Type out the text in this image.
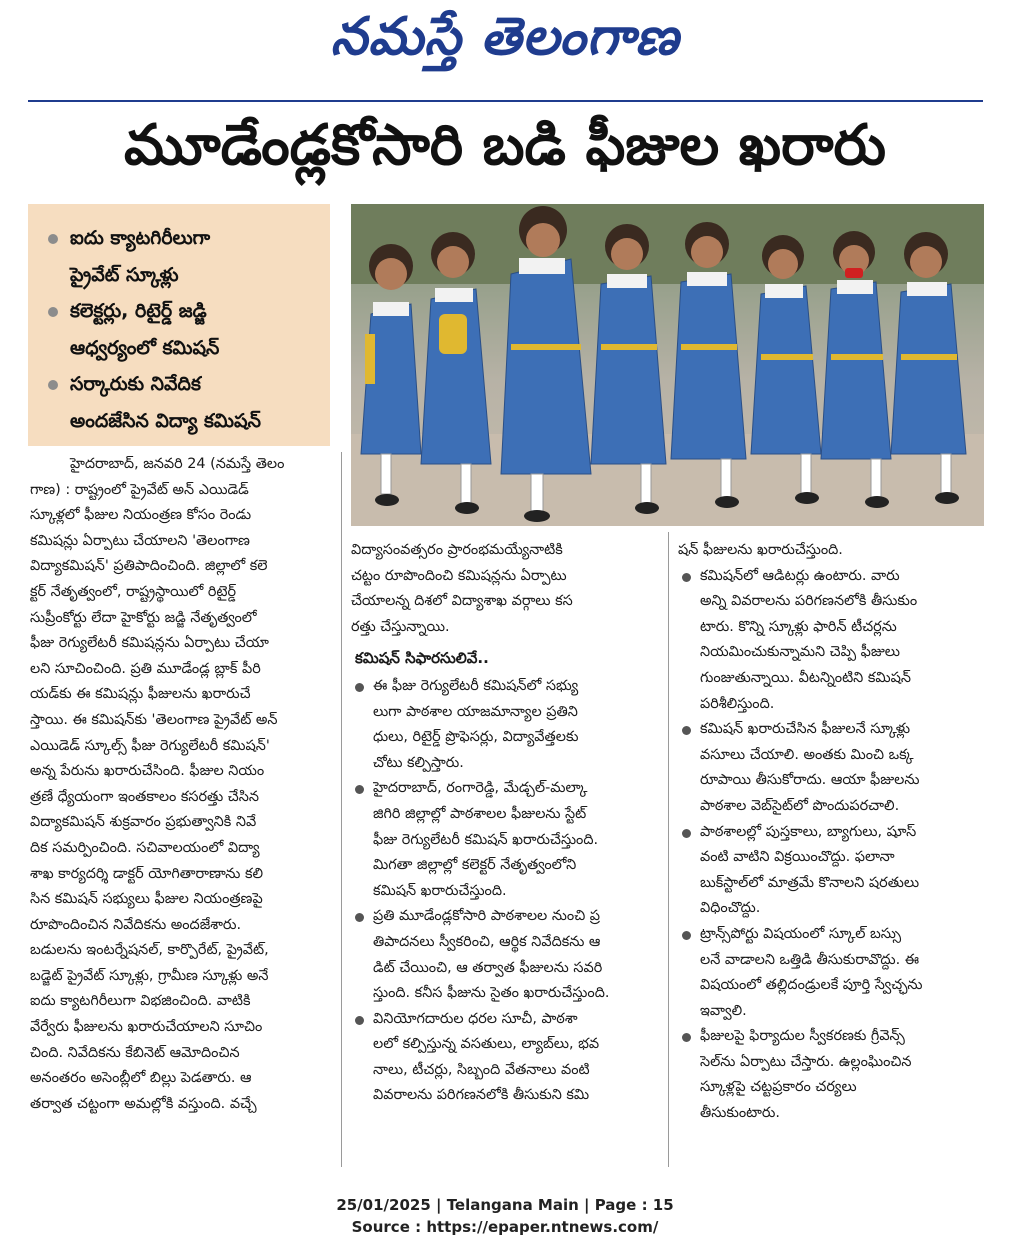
నమస్తే తెలంగాణ
మూడేండ్లకోసారి బడి ఫీజుల ఖరారు
ఐదు క్యాటగిరీలుగా
ప్రైవేట్ స్కూళ్లు
కలెక్టర్లు, రిటైర్డ్ జడ్జి
ఆధ్వర్యంలో కమిషన్
సర్కారుకు నివేదిక
అందజేసిన విద్యా కమిషన్
హైదరాబాద్, జనవరి 24 (నమస్తే తెలం
గాణ) : రాష్ట్రంలో ప్రైవేట్ అన్ ఎయిడెడ్
స్కూళ్లలో ఫీజుల నియంత్రణ కోసం రెండు
కమిషన్లు ఏర్పాటు చేయాలని 'తెలంగాణ
విద్యాకమిషన్' ప్రతిపాదించింది. జిల్లాలో కలె
క్టర్ నేతృత్వంలో, రాష్ట్రస్థాయిలో రిటైర్డ్
సుప్రీంకోర్టు లేదా హైకోర్టు జడ్జి నేతృత్వంలో
ఫీజు రెగ్యులేటరీ కమిషన్లను ఏర్పాటు చేయా
లని సూచించింది. ప్రతి మూడేండ్ల బ్లాక్ పీరి
యడ్‌కు ఈ కమిషన్లు ఫీజులను ఖరారుచే
స్తాయి. ఈ కమిషన్‌కు 'తెలంగాణ ప్రైవేట్ అన్
ఎయిడెడ్ స్కూల్స్ ఫీజు రెగ్యులేటరీ కమిషన్'
అన్న పేరును ఖరారుచేసింది. ఫీజుల నియం
త్రణే ధ్యేయంగా ఇంతకాలం కసరత్తు చేసిన
విద్యాకమిషన్ శుక్రవారం ప్రభుత్వానికి నివే
దిక సమర్పించింది. సచివాలయంలో విద్యా
శాఖ కార్యదర్శి డాక్టర్ యోగితారాణాను కలి
సిన కమిషన్ సభ్యులు ఫీజుల నియంత్రణపై
రూపొందించిన నివేదికను అందజేశారు.
బడులను ఇంటర్నేషనల్, కార్పొరేట్, ప్రైవేట్,
బడ్జెట్ ప్రైవేట్ స్కూళ్లు, గ్రామీణ స్కూళ్లు అనే
ఐదు క్యాటగిరీలుగా విభజించింది. వాటికి
వేర్వేరు ఫీజులను ఖరారుచేయాలని సూచిం
చింది. నివేదికను కేబినెట్ ఆమోదించిన
అనంతరం అసెంబ్లీలో బిల్లు పెడతారు. ఆ
తర్వాత చట్టంగా అమల్లోకి వస్తుంది. వచ్చే
విద్యాసంవత్సరం ప్రారంభమయ్యేనాటికి
చట్టం రూపొందించి కమిషన్లను ఏర్పాటు
చేయాలన్న దిశలో విద్యాశాఖ వర్గాలు కస
రత్తు చేస్తున్నాయి.
కమిషన్ సిఫారసులివే..
ఈ ఫీజు రెగ్యులేటరీ కమిషన్‌లో సభ్యు
లుగా పాఠశాల యాజమాన్యాల ప్రతిని
ధులు, రిటైర్డ్ ప్రొఫెసర్లు, విద్యావేత్తలకు
చోటు కల్పిస్తారు.
హైదరాబాద్, రంగారెడ్డి, మేడ్చల్-మల్కా
జిగిరి జిల్లాల్లో పాఠశాలల ఫీజులను స్టేట్
ఫీజు రెగ్యులేటరీ కమిషన్ ఖరారుచేస్తుంది.
మిగతా జిల్లాల్లో కలెక్టర్ నేతృత్వంలోని
కమిషన్ ఖరారుచేస్తుంది.
ప్రతి మూడేండ్లకోసారి పాఠశాలల నుంచి ప్ర
తిపాదనలు స్వీకరించి, ఆర్థిక నివేదికను ఆ
డిట్ చేయించి, ఆ తర్వాత ఫీజులను సవరి
స్తుంది. కనీస ఫీజును సైతం ఖరారుచేస్తుంది.
వినియోగదారుల ధరల సూచీ, పాఠశా
లలో కల్పిస్తున్న వసతులు, ల్యాబ్‌లు, భవ
నాలు, టీచర్లు, సిబ్బంది వేతనాలు వంటి
వివరాలను పరిగణనలోకి తీసుకుని కమి
షన్ ఫీజులను ఖరారుచేస్తుంది.
కమిషన్‌లో ఆడిటర్లు ఉంటారు. వారు
అన్ని వివరాలను పరిగణనలోకి తీసుకుం
టారు. కొన్ని స్కూళ్లు ఫారిన్ టీచర్లను
నియమించుకున్నామని చెప్పి ఫీజులు
గుంజుతున్నాయి. వీటన్నింటిని కమిషన్
పరిశీలిస్తుంది.
కమిషన్ ఖరారుచేసిన ఫీజులనే స్కూళ్లు
వసూలు చేయాలి. అంతకు మించి ఒక్క
రూపాయి తీసుకోరాదు. ఆయా ఫీజులను
పాఠశాల వెబ్‌సైట్‌లో పొందుపరచాలి.
పాఠశాలల్లో పుస్తకాలు, బ్యాగులు, షూస్
వంటి వాటిని విక్రయించొద్దు. ఫలానా
బుక్‌స్టాల్‌లో మాత్రమే కొనాలని షరతులు
విధించొద్దు.
ట్రాన్స్‌పోర్టు విషయంలో స్కూల్ బస్సు
లనే వాడాలని ఒత్తిడి తీసుకురావొద్దు. ఈ
విషయంలో తల్లిదండ్రులకే పూర్తి స్వేచ్ఛను
ఇవ్వాలి.
ఫీజులపై ఫిర్యాదుల స్వీకరణకు గ్రీవెన్స్
సెల్‌ను ఏర్పాటు చేస్తారు. ఉల్లంఘించిన
స్కూళ్లపై చట్టప్రకారం చర్యలు
తీసుకుంటారు.
25/01/2025 | Telangana Main | Page : 15
Source : https://epaper.ntnews.com/
